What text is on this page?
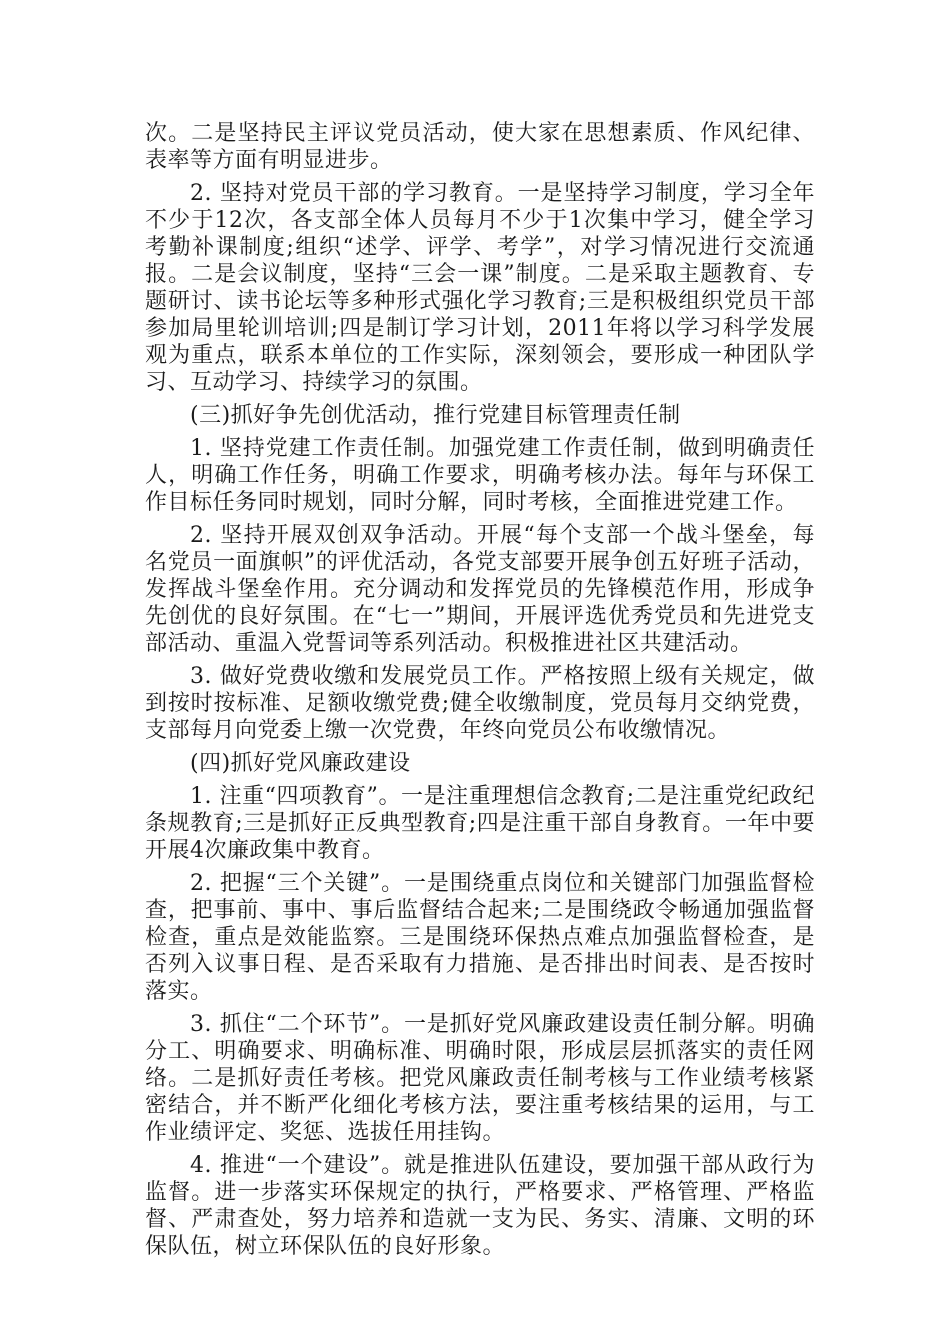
次。二是坚持民主评议党员活动，使大家在思想素质、作风纪律、表率等方面有明显进步。

2. 坚持对党员干部的学习教育。一是坚持学习制度，学习全年不少于12次，各支部全体人员每月不少于1次集中学习，健全学习考勤补课制度;组织“述学、评学、考学”，对学习情况进行交流通报。二是会议制度，坚持“三会一课”制度。二是采取主题教育、专题研讨、读书论坛等多种形式强化学习教育;三是积极组织党员干部参加局里轮训培训;四是制订学习计划，2011年将以学习科学发展观为重点，联系本单位的工作实际，深刻领会，要形成一种团队学习、互动学习、持续学习的氛围。

(三)抓好争先创优活动，推行党建目标管理责任制

1. 坚持党建工作责任制。加强党建工作责任制，做到明确责任人，明确工作任务，明确工作要求，明确考核办法。每年与环保工作目标任务同时规划，同时分解，同时考核，全面推进党建工作。

2. 坚持开展双创双争活动。开展“每个支部一个战斗堡垒，每名党员一面旗帜”的评优活动，各党支部要开展争创五好班子活动，发挥战斗堡垒作用。充分调动和发挥党员的先锋模范作用，形成争先创优的良好氛围。在“七一”期间，开展评选优秀党员和先进党支部活动、重温入党誓词等系列活动。积极推进社区共建活动。

3. 做好党费收缴和发展党员工作。严格按照上级有关规定，做到按时按标准、足额收缴党费;健全收缴制度，党员每月交纳党费，支部每月向党委上缴一次党费，年终向党员公布收缴情况。

(四)抓好党风廉政建设

1. 注重“四项教育”。一是注重理想信念教育;二是注重党纪政纪条规教育;三是抓好正反典型教育;四是注重干部自身教育。一年中要开展4次廉政集中教育。

2. 把握“三个关键”。一是围绕重点岗位和关键部门加强监督检查，把事前、事中、事后监督结合起来;二是围绕政令畅通加强监督检查，重点是效能监察。三是围绕环保热点难点加强监督检查，是否列入议事日程、是否采取有力措施、是否排出时间表、是否按时落实。

3. 抓住“二个环节”。一是抓好党风廉政建设责任制分解。明确分工、明确要求、明确标准、明确时限，形成层层抓落实的责任网络。二是抓好责任考核。把党风廉政责任制考核与工作业绩考核紧密结合，并不断严化细化考核方法，要注重考核结果的运用，与工作业绩评定、奖惩、选拔任用挂钩。

4. 推进“一个建设”。就是推进队伍建设，要加强干部从政行为监督。进一步落实环保规定的执行，严格要求、严格管理、严格监督、严肃查处，努力培养和造就一支为民、务实、清廉、文明的环保队伍，树立环保队伍的良好形象。
